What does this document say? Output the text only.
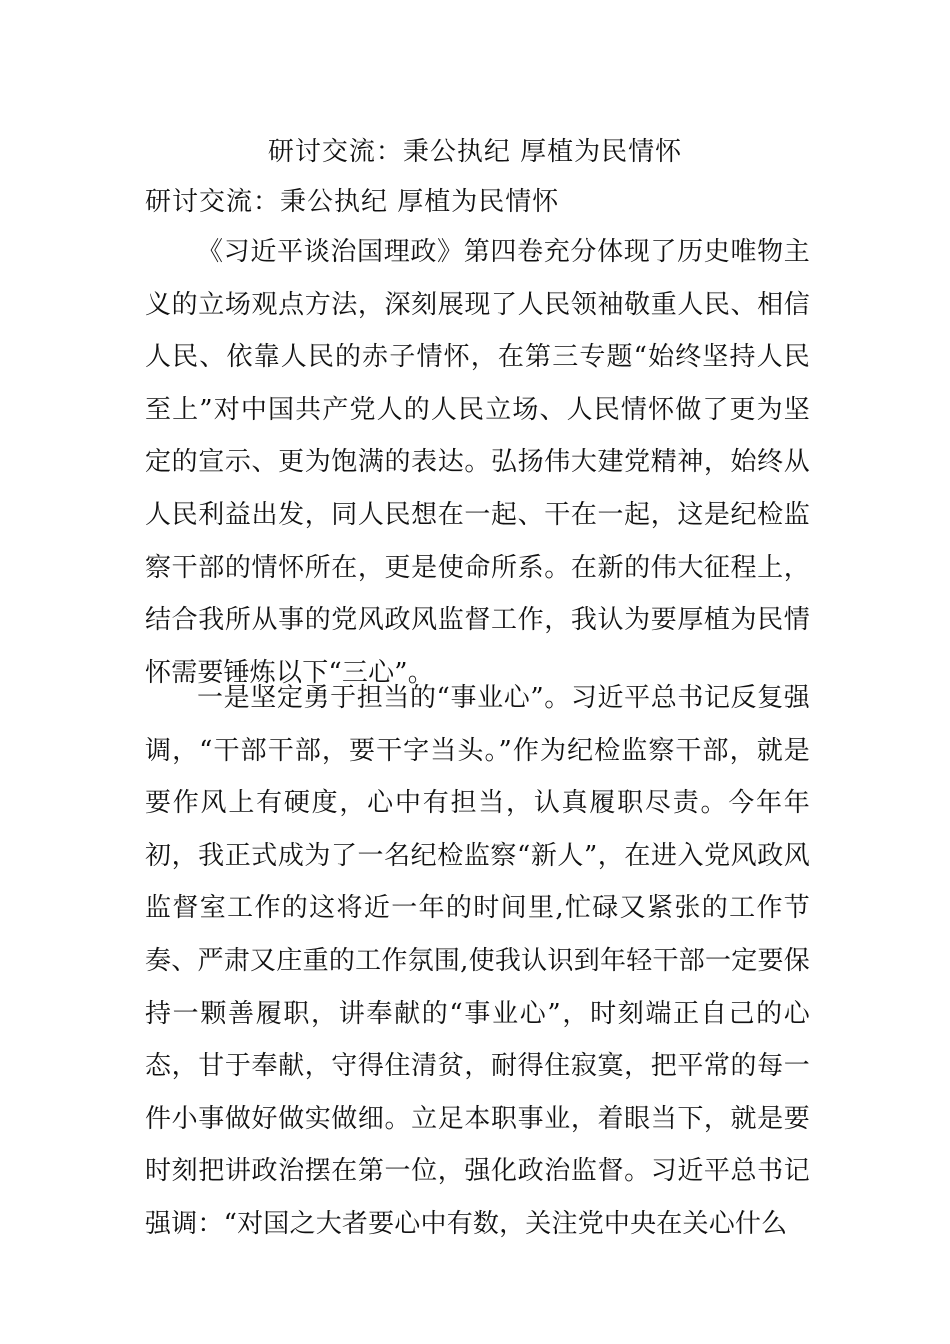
研讨交流：秉公执纪 厚植为民情怀

研讨交流：秉公执纪 厚植为民情怀

《习近平谈治国理政》第四卷充分体现了历史唯物主义的立场观点方法，深刻展现了人民领袖敬重人民、相信人民、依靠人民的赤子情怀，在第三专题“始终坚持人民至上”对中国共产党人的人民立场、人民情怀做了更为坚定的宣示、更为饱满的表达。弘扬伟大建党精神，始终从人民利益出发，同人民想在一起、干在一起，这是纪检监察干部的情怀所在，更是使命所系。在新的伟大征程上，结合我所从事的党风政风监督工作，我认为要厚植为民情怀需要锤炼以下“三心”。

一是坚定勇于担当的“事业心”。习近平总书记反复强调，“干部干部，要干字当头。”作为纪检监察干部，就是要作风上有硬度，心中有担当，认真履职尽责。今年年初，我正式成为了一名纪检监察“新人”，在进入党风政风监督室工作的这将近一年的时间里,忙碌又紧张的工作节奏、严肃又庄重的工作氛围,使我认识到年轻干部一定要保持一颗善履职，讲奉献的“事业心”，时刻端正自己的心态，甘于奉献，守得住清贫，耐得住寂寞，把平常的每一件小事做好做实做细。立足本职事业，着眼当下，就是要时刻把讲政治摆在第一位，强化政治监督。习近平总书记强调：“对国之大者要心中有数，关注党中央在关心什么
